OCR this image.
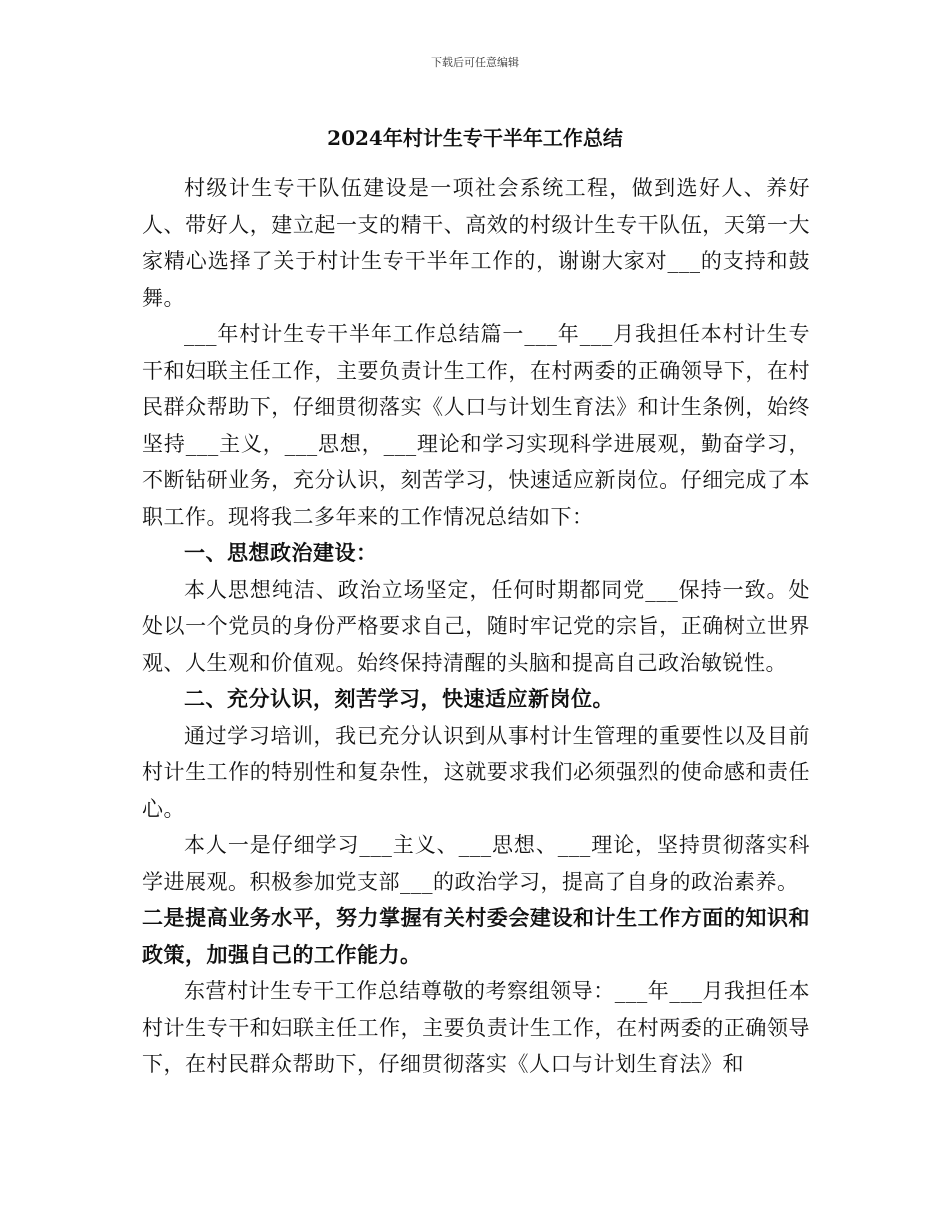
下载后可任意编辑
2024年村计生专干半年工作总结

村级计生专干队伍建设是一项社会系统工程，做到选好人、养好人、带好人，建立起一支的精干、高效的村级计生专干队伍，天第一大家精心选择了关于村计生专干半年工作的，谢谢大家对___的支持和鼓舞。

___年村计生专干半年工作总结篇一___年___月我担任本村计生专干和妇联主任工作，主要负责计生工作，在村两委的正确领导下，在村民群众帮助下，仔细贯彻落实《人口与计划生育法》和计生条例，始终坚持___主义，___思想，___理论和学习实现科学进展观，勤奋学习，不断钻研业务，充分认识，刻苦学习，快速适应新岗位。仔细完成了本职工作。现将我二多年来的工作情况总结如下：

一、思想政治建设：

本人思想纯洁、政治立场坚定，任何时期都同党___保持一致。处处以一个党员的身份严格要求自己，随时牢记党的宗旨，正确树立世界观、人生观和价值观。始终保持清醒的头脑和提高自己政治敏锐性。

二、充分认识，刻苦学习，快速适应新岗位。

通过学习培训，我已充分认识到从事村计生管理的重要性以及目前村计生工作的特别性和复杂性，这就要求我们必须强烈的使命感和责任心。

本人一是仔细学习___主义、___思想、___理论，坚持贯彻落实科学进展观。积极参加党支部___的政治学习，提高了自身的政治素养。

二是提高业务水平，努力掌握有关村委会建设和计生工作方面的知识和政策，加强自己的工作能力。

东营村计生专干工作总结尊敬的考察组领导：___年___月我担任本村计生专干和妇联主任工作，主要负责计生工作，在村两委的正确领导下，在村民群众帮助下，仔细贯彻落实《人口与计划生育法》和
